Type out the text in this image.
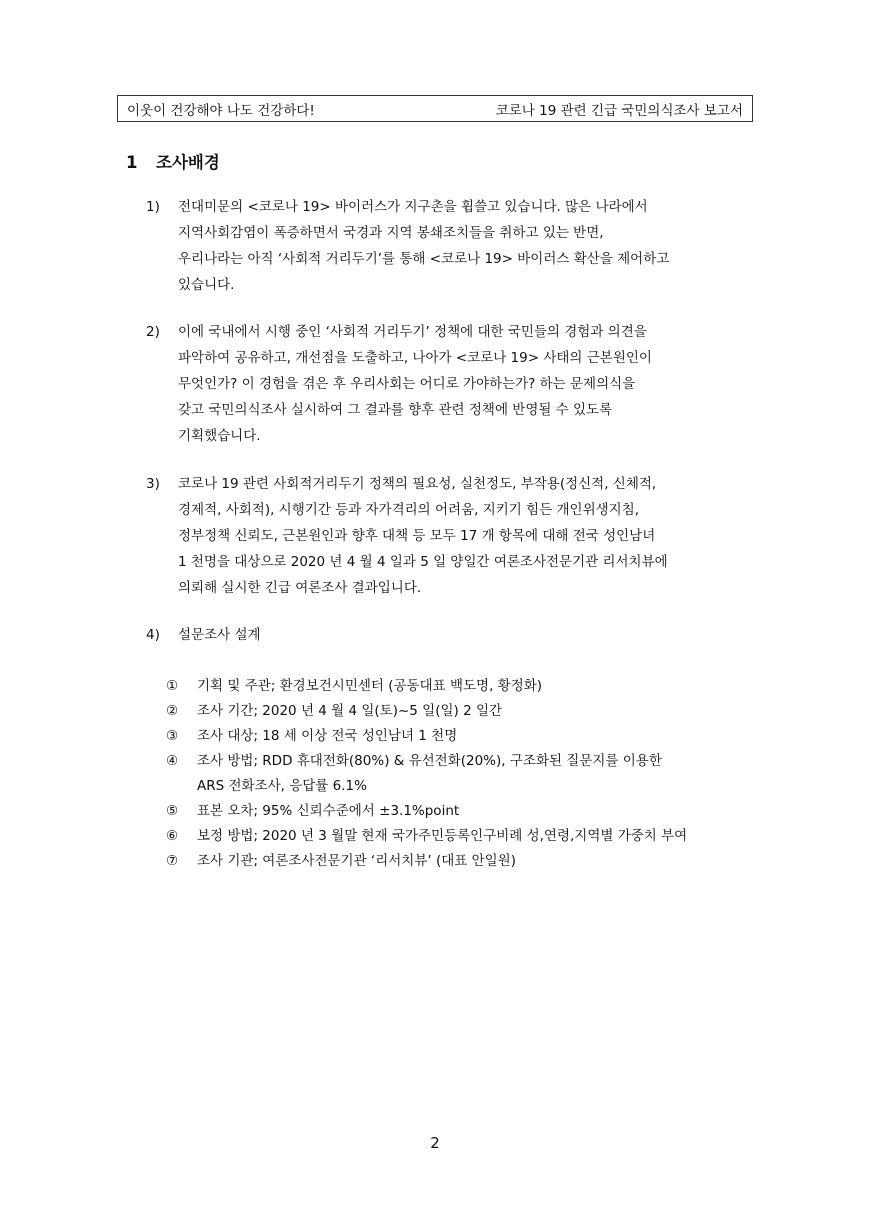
이웃이 건강해야 나도 건강하다!	코로나 19 관련 긴급 국민의식조사 보고서
1 조사배경
1) 전대미문의 <코로나 19> 바이러스가 지구촌을 휩쓸고 있습니다. 많은 나라에서
지역사회감염이 폭증하면서 국경과 지역 봉쇄조치들을 취하고 있는 반면,
우리나라는 아직 ‘사회적 거리두기’를 통해 <코로나 19> 바이러스 확산을 제어하고
있습니다.
2) 이에 국내에서 시행 중인 ‘사회적 거리두기’ 정책에 대한 국민들의 경험과 의견을
파악하여 공유하고, 개선점을 도출하고, 나아가 <코로나 19> 사태의 근본원인이
무엇인가? 이 경험을 겪은 후 우리사회는 어디로 가야하는가? 하는 문제의식을
갖고 국민의식조사 실시하여 그 결과를 향후 관련 정책에 반영될 수 있도록
기획했습니다.
3) 코로나 19 관련 사회적거리두기 정책의 필요성, 실천정도, 부작용(정신적, 신체적,
경제적, 사회적), 시행기간 등과 자가격리의 어려움, 지키기 힘든 개인위생지침,
정부정책 신뢰도, 근본원인과 향후 대책 등 모두 17 개 항목에 대해 전국 성인남녀
1 천명을 대상으로 2020 년 4 월 4 일과 5 일 양일간 여론조사전문기관 리서치뷰에
의뢰해 실시한 긴급 여론조사 결과입니다.
4) 설문조사 설계
① 기획 및 주관; 환경보건시민센터 (공동대표 백도명, 황정화)
② 조사 기간; 2020 년 4 월 4 일(토)~5 일(일) 2 일간
③ 조사 대상; 18 세 이상 전국 성인남녀 1 천명
④ 조사 방법; RDD 휴대전화(80%) & 유선전화(20%), 구조화된 질문지를 이용한
ARS 전화조사, 응답률 6.1%
⑤ 표본 오차; 95% 신뢰수준에서 ±3.1%point
⑥ 보정 방법; 2020 년 3 월말 현재 국가주민등록인구비례 성,연령,지역별 가중치 부여
⑦ 조사 기관; 여론조사전문기관 ‘리서치뷰’ (대표 안일원)
2
